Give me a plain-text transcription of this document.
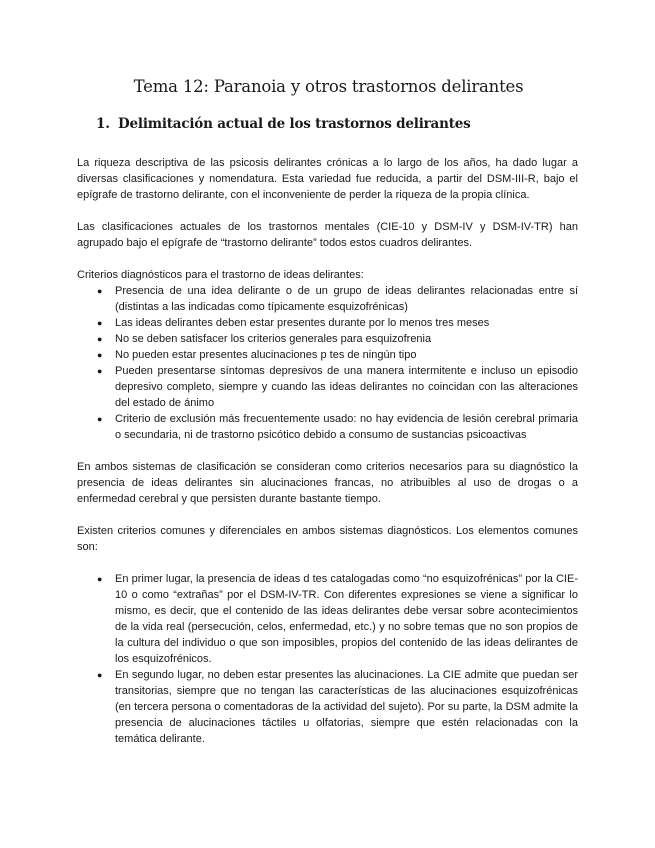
Tema 12: Paranoia y otros trastornos delirantes
1. Delimitación actual de los trastornos delirantes

La riqueza descriptiva de las psicosis delirantes crónicas a lo largo de los años, ha dado lugar a diversas clasificaciones y nomendatura. Esta variedad fue reducida, a partir del DSM-III-R, bajo el epígrafe de trastorno delirante, con el inconveniente de perder la riqueza de la propia clínica.

Las clasificaciones actuales de los trastornos mentales (CIE-10 y DSM-IV y DSM-IV-TR) han agrupado bajo el epígrafe de “trastorno delirante” todos estos cuadros delirantes.

Criterios diagnósticos para el trastorno de ideas delirantes:

● Presencia de una idea delirante o de un grupo de ideas delirantes relacionadas entre sí (distintas a las indicadas como típicamente esquizofrénicas)
● Las ideas delirantes deben estar presentes durante por lo menos tres meses
● No se deben satisfacer los criterios generales para esquizofrenia
● No pueden estar presentes alucinaciones p tes de ningún tipo
● Pueden presentarse síntomas depresivos de una manera intermitente e incluso un episodio depresivo completo, siempre y cuando las ideas delirantes no coincidan con las alteraciones del estado de ánimo
● Criterio de exclusión más frecuentemente usado: no hay evidencia de lesión cerebral primaria o secundaria, ni de trastorno psicótico debido a consumo de sustancias psicoactivas

En ambos sistemas de clasificación se consideran como criterios necesarios para su diagnóstico la presencia de ideas delirantes sin alucinaciones francas, no atribuibles al uso de drogas o a enfermedad cerebral y que persisten durante bastante tiempo.

Existen criterios comunes y diferenciales en ambos sistemas diagnósticos. Los elementos comunes son:

● En primer lugar, la presencia de ideas d tes catalogadas como “no esquizofrénicas” por la CIE-10 o como “extrañas” por el DSM-IV-TR. Con diferentes expresiones se viene a significar lo mismo, es decir, que el contenido de las ideas delirantes debe versar sobre acontecimientos de la vida real (persecución, celos, enfermedad, etc.) y no sobre temas que no son propios de la cultura del individuo o que son imposibles, propios del contenido de las ideas delirantes de los esquizofrénicos.
● En segundo lugar, no deben estar presentes las alucinaciones. La CIE admite que puedan ser transitorias, siempre que no tengan las características de las alucinaciones esquizofrénicas (en tercera persona o comentadoras de la actividad del sujeto). Por su parte, la DSM admite la presencia de alucinaciones táctiles u olfatorias, siempre que estén relacionadas con la temática delirante.
